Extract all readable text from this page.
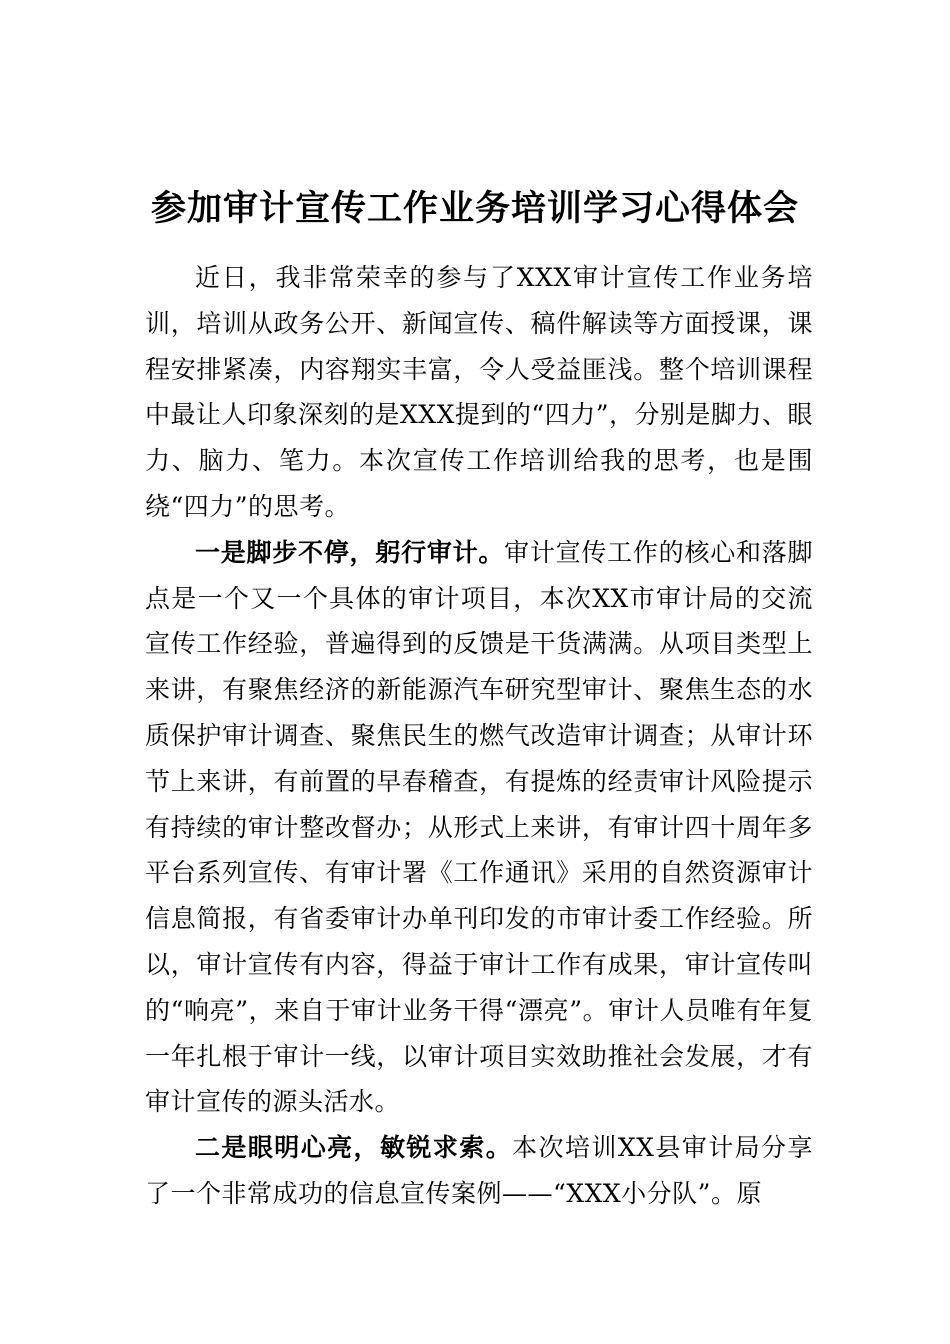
参加审计宣传工作业务培训学习心得体会

近日，我非常荣幸的参与了XXX审计宣传工作业务培训，培训从政务公开、新闻宣传、稿件解读等方面授课，课程安排紧凑，内容翔实丰富，令人受益匪浅。整个培训课程中最让人印象深刻的是XXX提到的“四力”，分别是脚力、眼力、脑力、笔力。本次宣传工作培训给我的思考，也是围绕“四力”的思考。

一是脚步不停，躬行审计。审计宣传工作的核心和落脚点是一个又一个具体的审计项目，本次XX市审计局的交流宣传工作经验，普遍得到的反馈是干货满满。从项目类型上来讲，有聚焦经济的新能源汽车研究型审计、聚焦生态的水质保护审计调查、聚焦民生的燃气改造审计调查；从审计环节上来讲，有前置的早春稽查，有提炼的经责审计风险提示有持续的审计整改督办；从形式上来讲，有审计四十周年多平台系列宣传、有审计署《工作通讯》采用的自然资源审计信息简报，有省委审计办单刊印发的市审计委工作经验。所以，审计宣传有内容，得益于审计工作有成果，审计宣传叫的“响亮”，来自于审计业务干得“漂亮”。审计人员唯有年复一年扎根于审计一线，以审计项目实效助推社会发展，才有审计宣传的源头活水。

二是眼明心亮，敏锐求索。本次培训XX县审计局分享了一个非常成功的信息宣传案例——“XXX小分队”。原
